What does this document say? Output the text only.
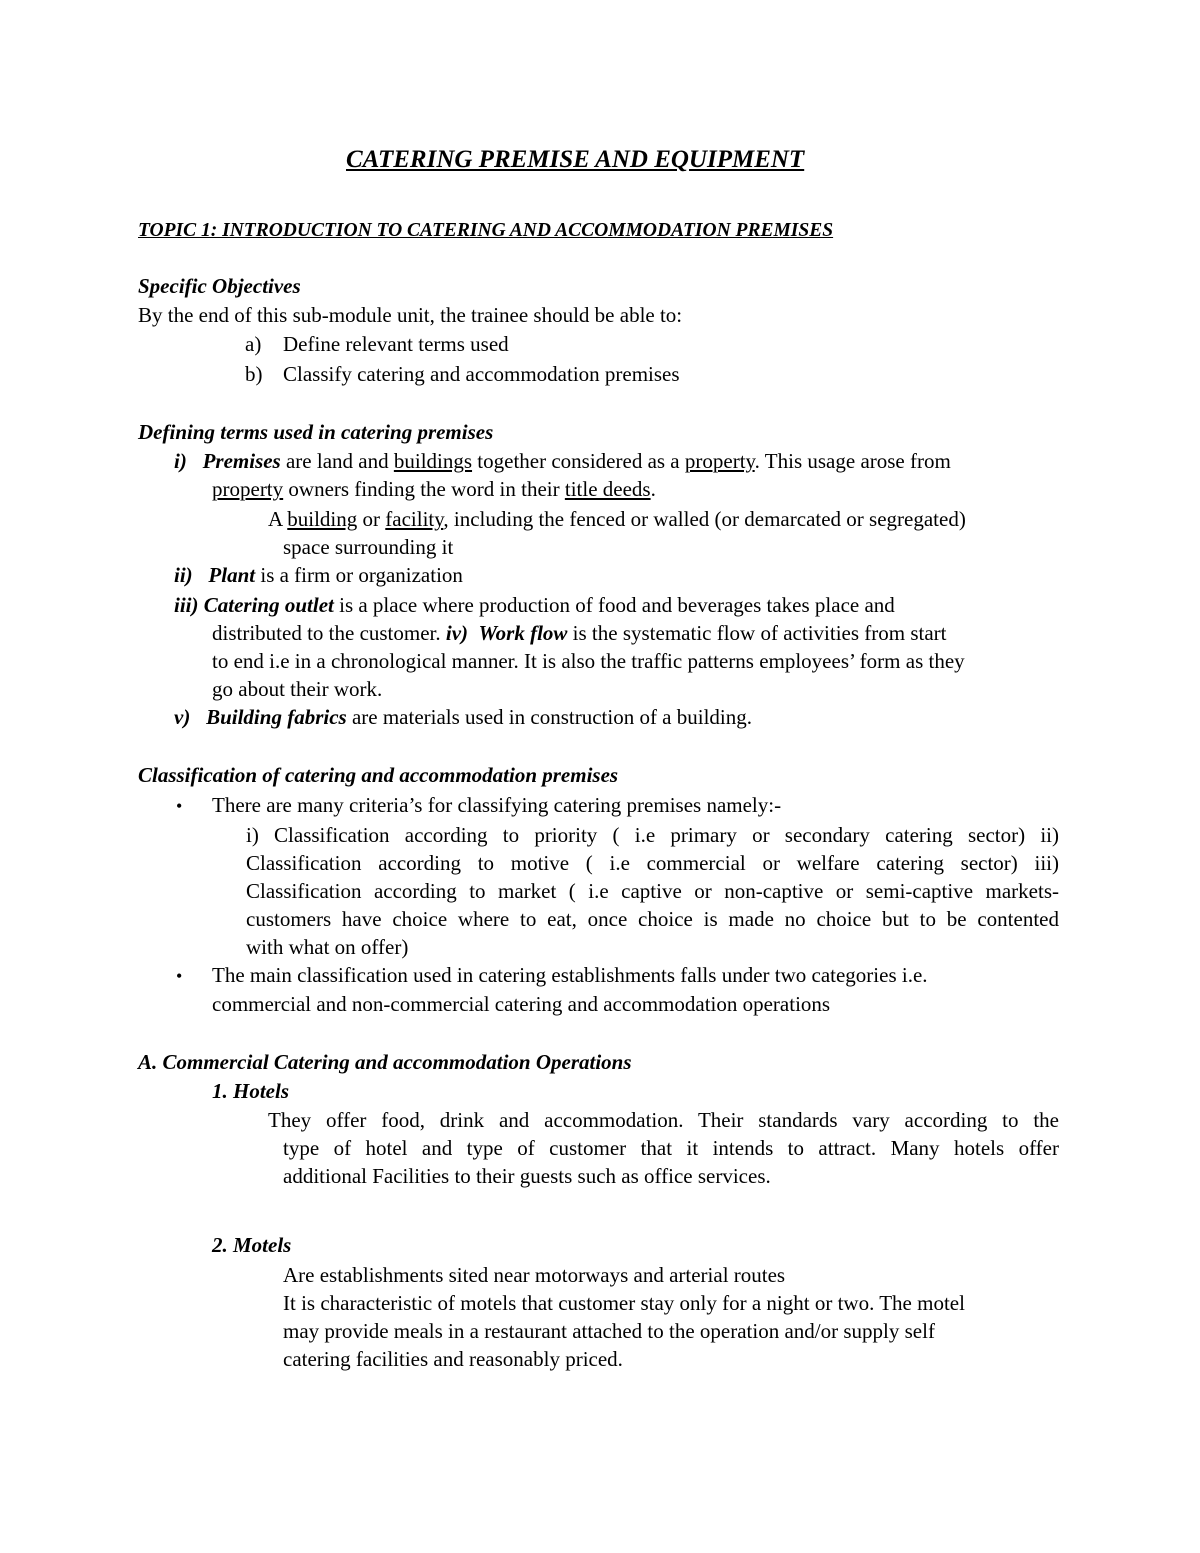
CATERING PREMISE AND EQUIPMENT
TOPIC 1: INTRODUCTION TO CATERING AND ACCOMMODATION PREMISES
Specific Objectives
By the end of this sub-module unit, the trainee should be able to:
a) Define relevant terms used
b) Classify catering and accommodation premises
Defining terms used in catering premises
i) Premises are land and buildings together considered as a property. This usage arose from
property owners finding the word in their title deeds.
A building or facility, including the fenced or walled (or demarcated or segregated)
space surrounding it
ii) Plant is a firm or organization
iii) Catering outlet is a place where production of food and beverages takes place and
distributed to the customer. iv) Work flow is the systematic flow of activities from start
to end i.e in a chronological manner. It is also the traffic patterns employees’ form as they
go about their work.
v) Building fabrics are materials used in construction of a building.
Classification of catering and accommodation premises
• There are many criteria’s for classifying catering premises namely:-
i) Classification according to priority ( i.e primary or secondary catering sector) ii)
Classification according to motive ( i.e commercial or welfare catering sector) iii)
Classification according to market ( i.e captive or non-captive or semi-captive markets-
customers have choice where to eat, once choice is made no choice but to be contented
with what on offer)
• The main classification used in catering establishments falls under two categories i.e.
commercial and non-commercial catering and accommodation operations
A. Commercial Catering and accommodation Operations
1. Hotels
They offer food, drink and accommodation. Their standards vary according to the
type of hotel and type of customer that it intends to attract. Many hotels offer
additional Facilities to their guests such as office services.
2. Motels
Are establishments sited near motorways and arterial routes
It is characteristic of motels that customer stay only for a night or two. The motel
may provide meals in a restaurant attached to the operation and/or supply self
catering facilities and reasonably priced.
